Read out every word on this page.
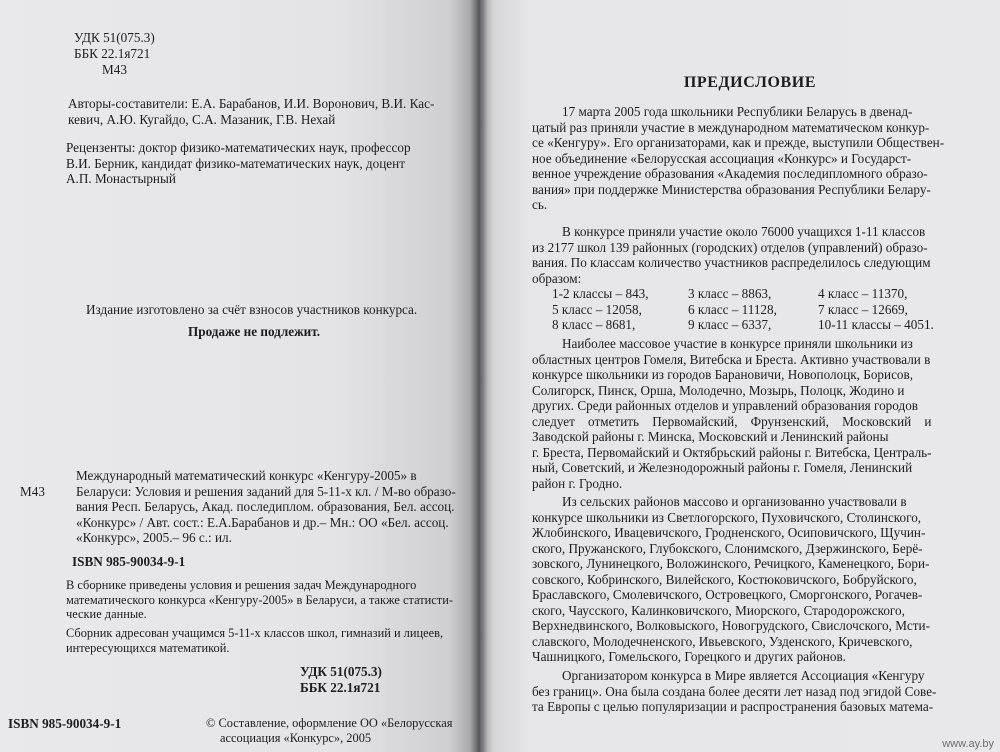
УДК 51(075.3)
ББК 22.1я721
М43
Авторы-составители: Е.А. Барабанов, И.И. Воронович, В.И. Кас-
кевич, А.Ю. Кугайдо, С.А. Мазаник, Г.В. Нехай
Рецензенты: доктор физико-математических наук, профессор
В.И. Берник, кандидат физико-математических наук, доцент
А.П. Монастырный
Издание изготовлено за счёт взносов участников конкурса.
Продаже не подлежит.
М43
Международный математический конкурс «Кенгуру-2005» в
Беларуси: Условия и решения заданий для 5-11-х кл. / М-во образо-
вания Респ. Беларусь, Акад. последиплом. образования, Бел. ассоц.
«Конкурс» / Авт. сост.: Е.А.Барабанов и др.– Мн.: ОО «Бел. ассоц.
«Конкурс», 2005.– 96 с.: ил.
ISBN 985-90034-9-1
В сборнике приведены условия и решения задач Международного
математического конкурса «Кенгуру-2005» в Беларуси, а также статисти-
ческие данные.
Сборник адресован учащимся 5-11-х классов школ, гимназий и лицеев,
интересующихся математикой.
УДК 51(075.3)
ББК 22.1я721
ISBN 985-90034-9-1	© Составление, оформление ОО «Белорусская
ассоциация «Конкурс», 2005
ПРЕДИСЛОВИЕ
17 марта 2005 года школьники Республики Беларусь в двенад-
цатый раз приняли участие в международном математическом конкур-
се «Кенгуру». Его организаторами, как и прежде, выступили Обществен-
ное объединение «Белорусская ассоциация «Конкурс» и Государст-
венное учреждение образования «Академия последипломного образо-
вания» при поддержке Министерства образования Республики Белару-
сь.
В конкурсе приняли участие около 76000 учащихся 1-11 классов
из 2177 школ 139 районных (городских) отделов (управлений) образо-
вания. По классам количество участников распределилось следующим
образом:
1-2 классы – 843,	3 класс – 8863,	4 класс – 11370,
5 класс – 12058,	6 класс – 11128,	7 класс – 12669,
8 класс – 8681,	9 класс – 6337,	10-11 классы – 4051.
Наиболее массовое участие в конкурсе приняли школьники из
областных центров Гомеля, Витебска и Бреста. Активно участвовали в
конкурсе школьники из городов Барановичи, Новополоцк, Борисов,
Солигорск, Пинск, Орша, Молодечно, Мозырь, Полоцк, Жодино и
других. Среди районных отделов и управлений образования городов
следует    отметить    Первомайский,    Фрунзенский,    Московский    и
Заводской районы г. Минска, Московский и Ленинский районы
г. Бреста, Первомайский и Октябрьский районы г. Витебска, Централь-
ный, Советский, и Железнодорожный районы г. Гомеля, Ленинский
район г. Гродно.
Из сельских районов массово и организованно участвовали в
конкурсе школьники из Светлогорского, Пуховичского, Столинского,
Жлобинского, Ивацевичского, Гродненского, Осиповичского, Щучин-
ского, Пружанского, Глубокского, Слонимского, Дзержинского, Берё-
зовского, Лунинецкого, Воложинского, Речицкого, Каменецкого, Бори-
совского, Кобринского, Вилейского, Костюковичского, Бобруйского,
Браславского, Смолевичского, Островецкого, Сморгонского, Рогачев-
ского, Чаусского, Калинковичского, Миорского, Стародорожского,
Верхнедвинского, Волковыского, Новогрудского, Свислочского, Мсти-
славского, Молодечненского, Ивьевского, Узденского, Кричевского,
Чашницкого, Гомельского, Горецкого и других районов.
Организатором конкурса в Мире является Ассоциация «Кенгуру
без границ». Она была создана более десяти лет назад под эгидой Сове-
та Европы с целью популяризации и распространения базовых матема-
www.ay.by
